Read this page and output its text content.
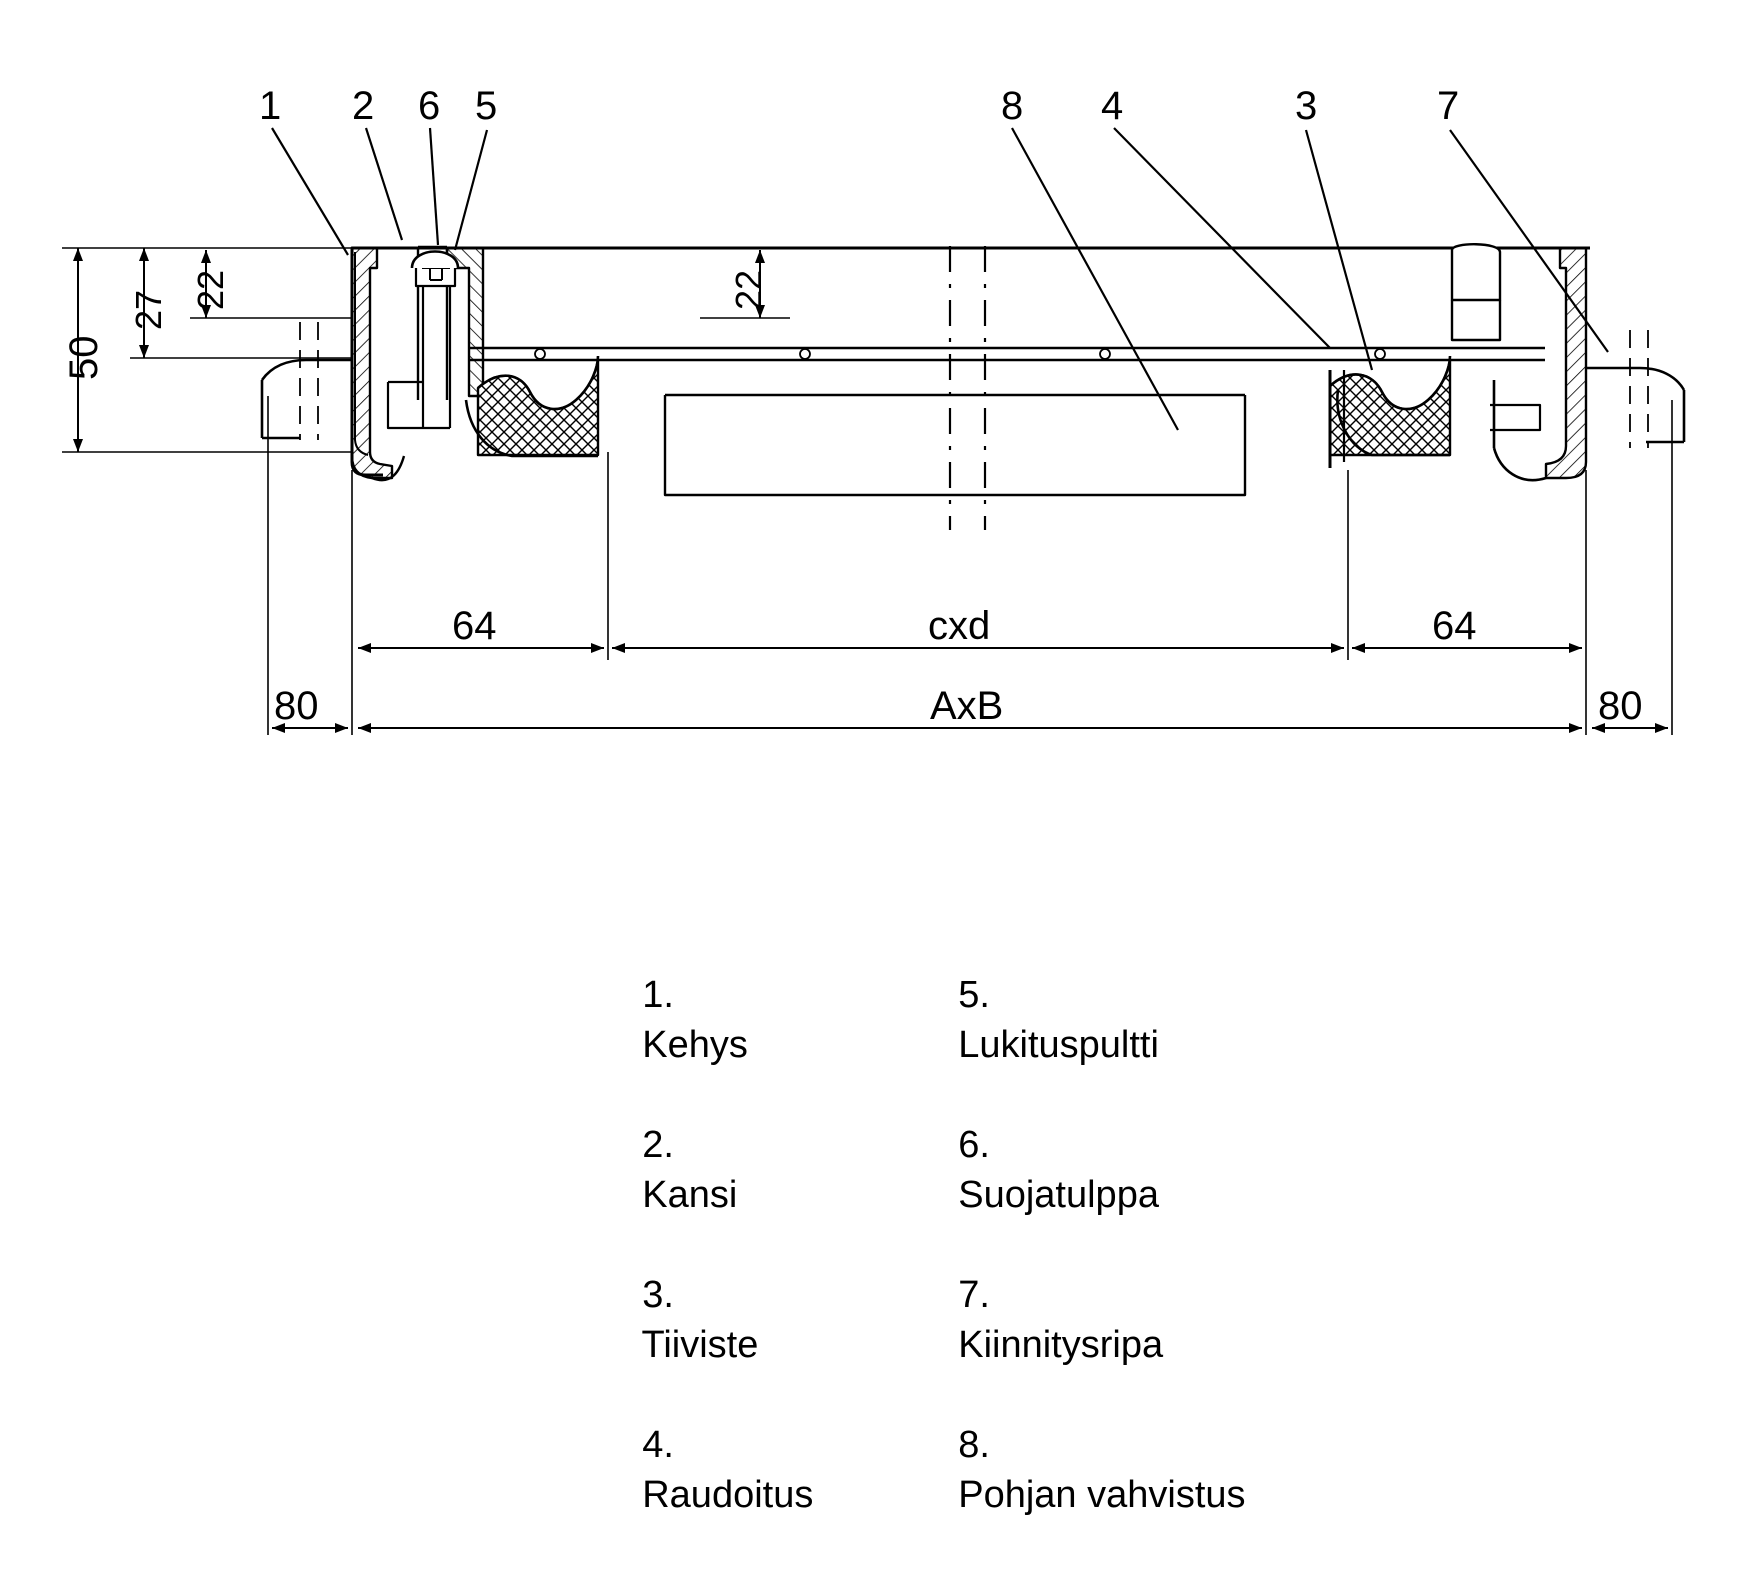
1 2 6 5	8 4	3	7
50
27 22	22
64	cxd	64
AxB
80	80

1.
Kehys

2.
Kansi

3.
Tiiviste

4.
Raudoitus

5.
Lukituspultti

6.
Suojatulppa

7.
Kiinnitysripa

8.
Pohjan vahvistus
